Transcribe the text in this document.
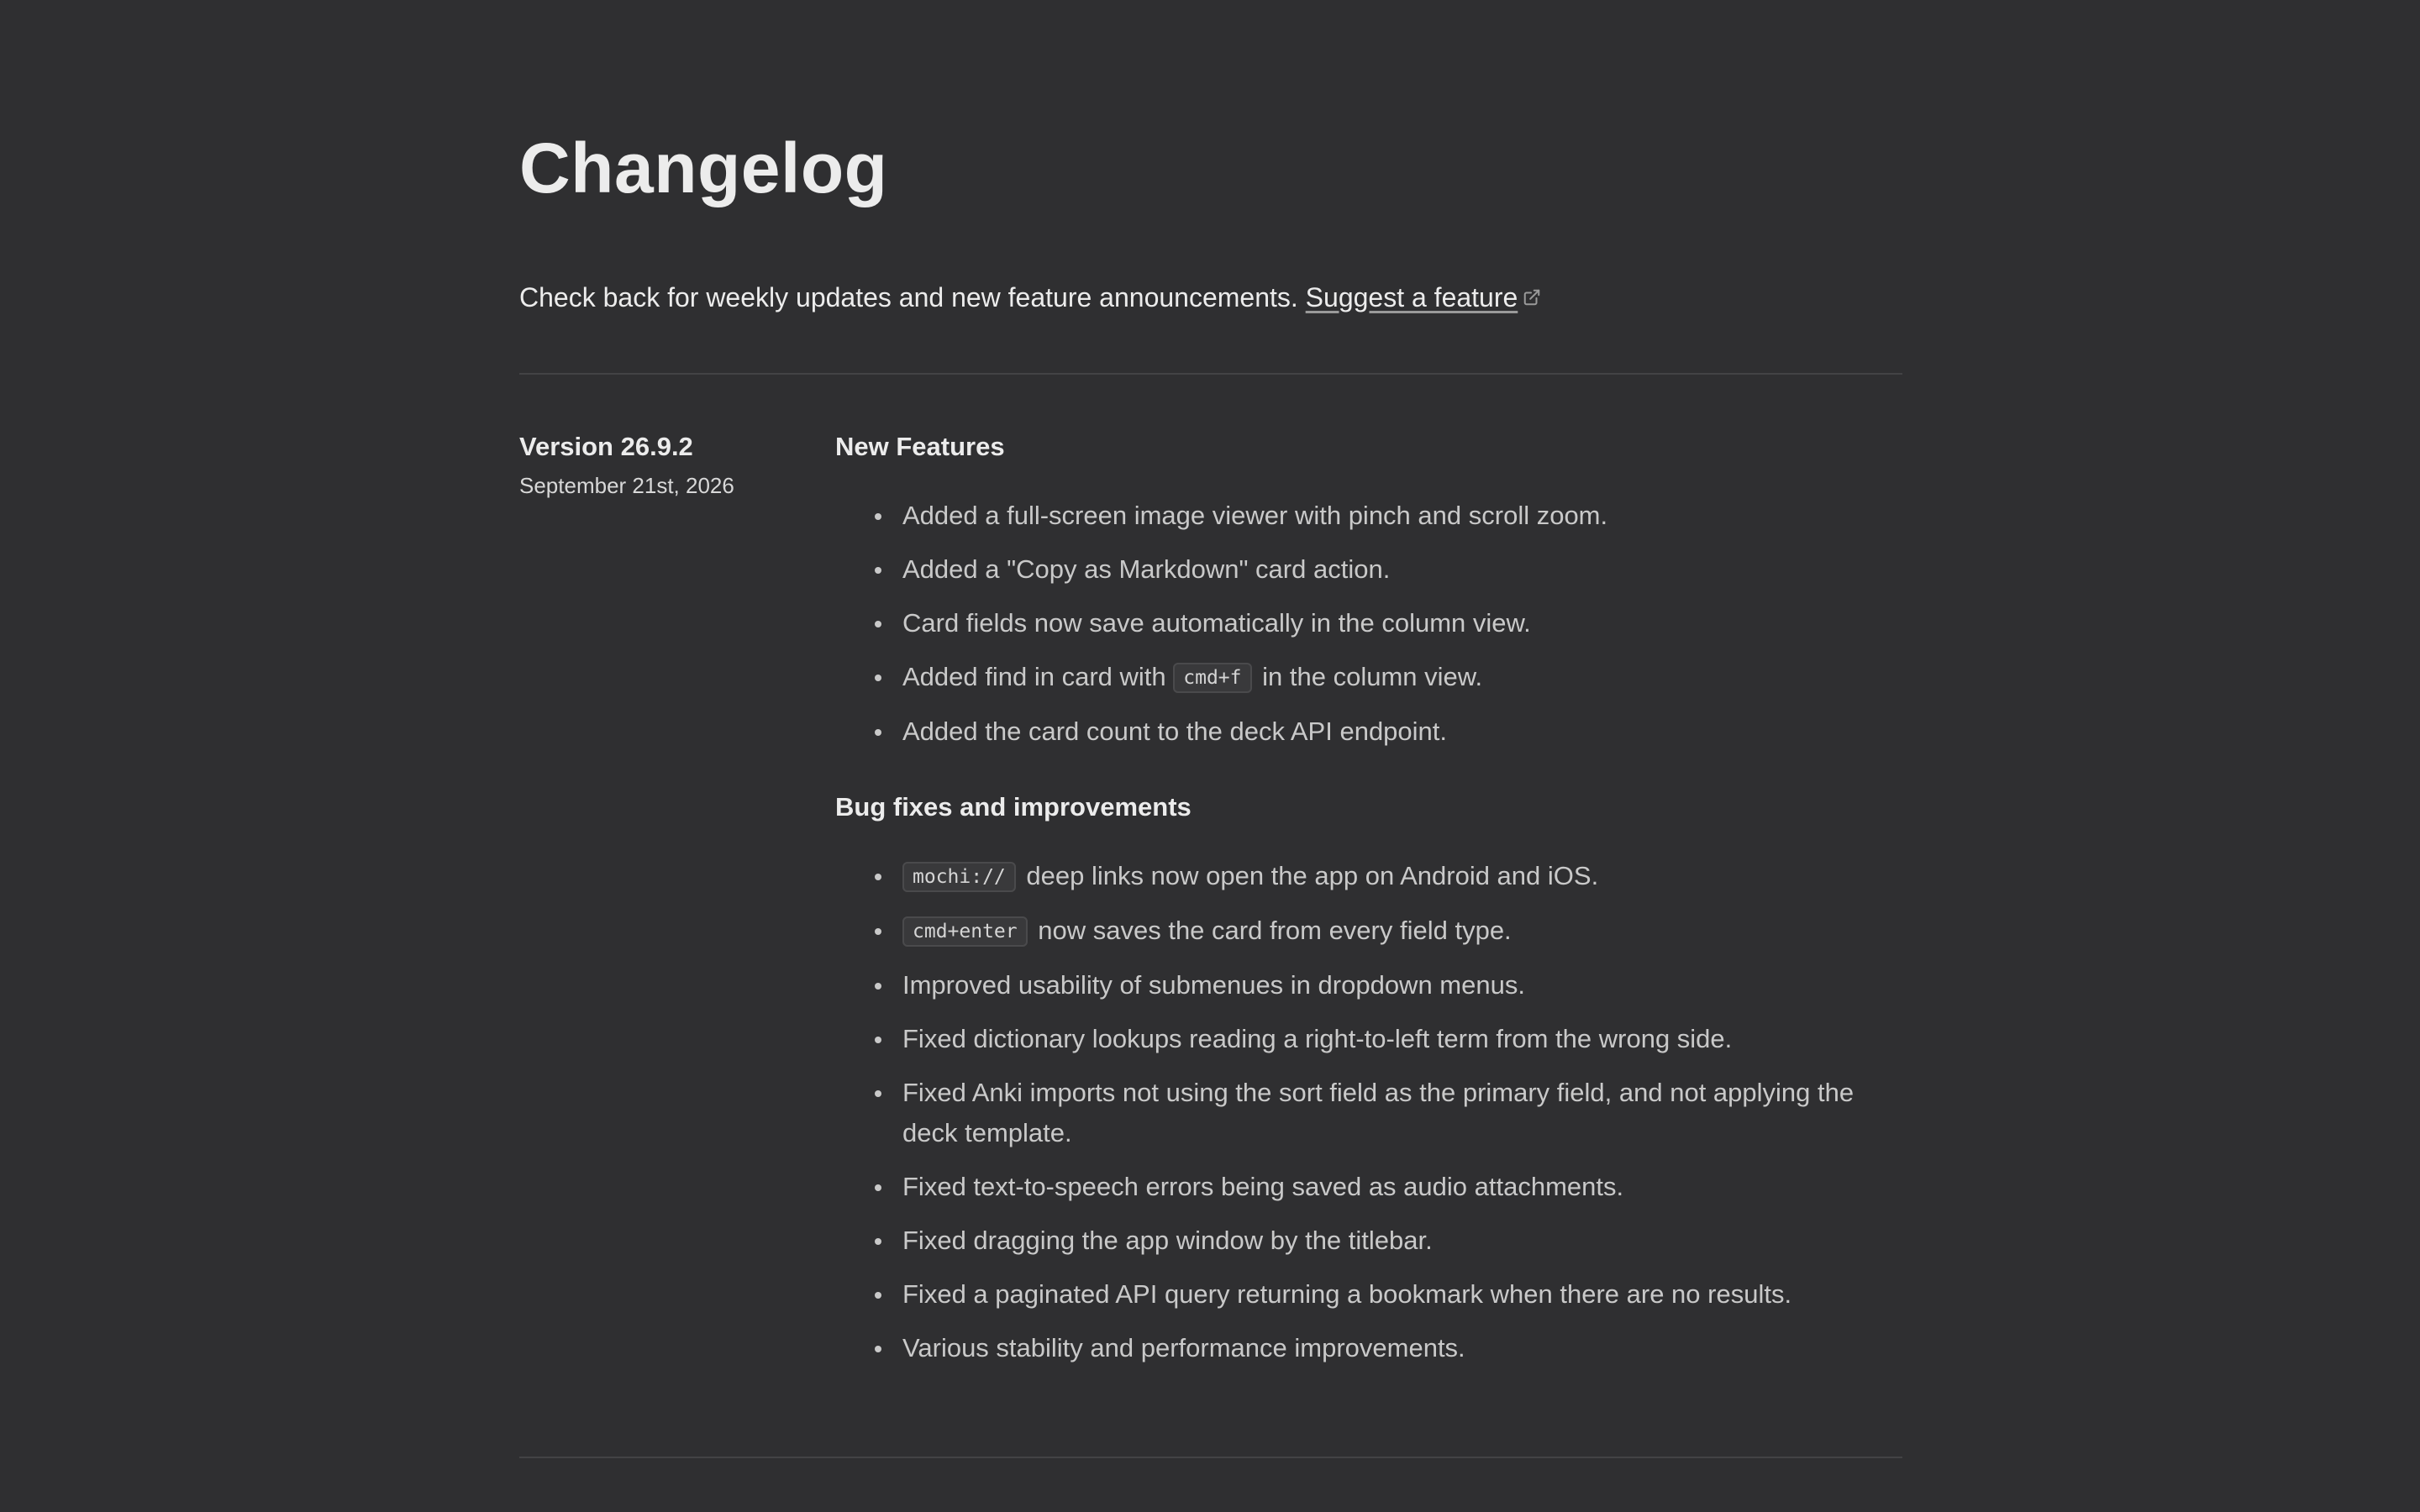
Changelog
Check back for weekly updates and new feature announcements. Suggest a feature
Version 26.9.2
September 21st, 2026
New Features
Added a full-screen image viewer with pinch and scroll zoom.
Added a "Copy as Markdown" card action.
Card fields now save automatically in the column view.
Added find in card with cmd+f in the column view.
Added the card count to the deck API endpoint.
Bug fixes and improvements
mochi:// deep links now open the app on Android and iOS.
cmd+enter now saves the card from every field type.
Improved usability of submenues in dropdown menus.
Fixed dictionary lookups reading a right-to-left term from the wrong side.
Fixed Anki imports not using the sort field as the primary field, and not applying the deck template.
Fixed text-to-speech errors being saved as audio attachments.
Fixed dragging the app window by the titlebar.
Fixed a paginated API query returning a bookmark when there are no results.
Various stability and performance improvements.
